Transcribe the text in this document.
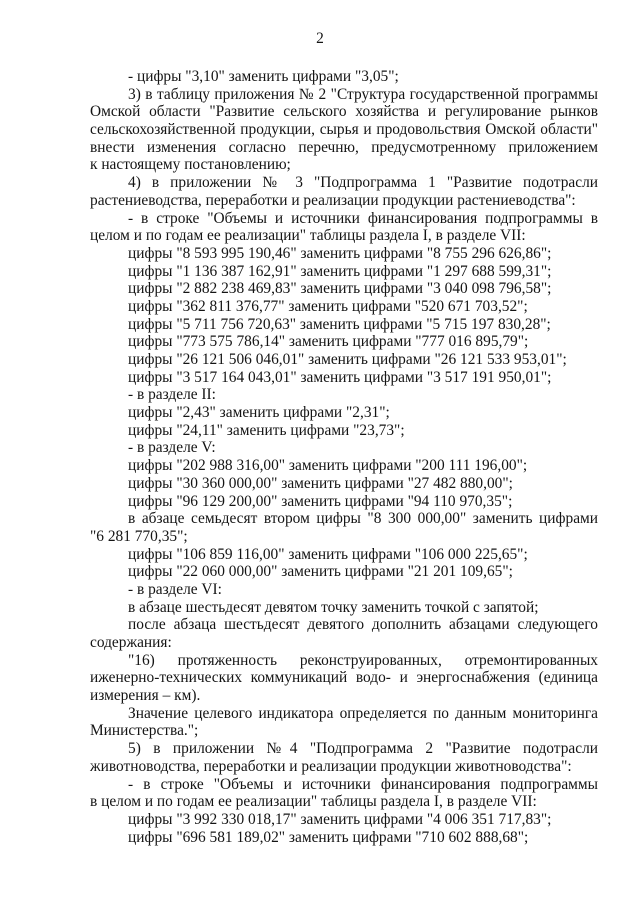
2
- цифры "3,10" заменить цифрами "3,05";
3) в таблицу приложения № 2 "Структура государственной программы
Омской области "Развитие сельского хозяйства и регулирование рынков
сельскохозяйственной продукции, сырья и продовольствия Омской области"
внести изменения согласно перечню, предусмотренному приложением
к настоящему постановлению;
4) в приложении № 3 "Подпрограмма 1 "Развитие подотрасли
растениеводства, переработки и реализации продукции растениеводства":
- в строке "Объемы и источники финансирования подпрограммы в
целом и по годам ее реализации" таблицы раздела I, в разделе VII:
цифры "8 593 995 190,46" заменить цифрами "8 755 296 626,86";
цифры "1 136 387 162,91" заменить цифрами "1 297 688 599,31";
цифры "2 882 238 469,83" заменить цифрами "3 040 098 796,58";
цифры "362 811 376,77" заменить цифрами "520 671 703,52";
цифры "5 711 756 720,63" заменить цифрами "5 715 197 830,28";
цифры "773 575 786,14" заменить цифрами "777 016 895,79";
цифры "26 121 506 046,01" заменить цифрами "26 121 533 953,01";
цифры "3 517 164 043,01" заменить цифрами "3 517 191 950,01";
- в разделе II:
цифры "2,43" заменить цифрами "2,31";
цифры "24,11" заменить цифрами "23,73";
- в разделе V:
цифры "202 988 316,00" заменить цифрами "200 111 196,00";
цифры "30 360 000,00" заменить цифрами "27 482 880,00";
цифры "96 129 200,00" заменить цифрами "94 110 970,35";
в абзаце семьдесят втором цифры "8 300 000,00" заменить цифрами
"6 281 770,35";
цифры "106 859 116,00" заменить цифрами "106 000 225,65";
цифры "22 060 000,00" заменить цифрами "21 201 109,65";
- в разделе VI:
в абзаце шестьдесят девятом точку заменить точкой с запятой;
после абзаца шестьдесят девятого дополнить абзацами следующего
содержания:
"16) протяженность реконструированных, отремонтированных
иженерно-технических коммуникаций водо- и энергоснабжения (единица
измерения – км).
Значение целевого индикатора определяется по данным мониторинга
Министерства.";
5) в приложении №4 "Подпрограмма 2 "Развитие подотрасли
животноводства, переработки и реализации продукции животноводства":
- в строке "Объемы и источники финансирования подпрограммы
в целом и по годам ее реализации" таблицы раздела I, в разделе VII:
цифры "3 992 330 018,17" заменить цифрами "4 006 351 717,83";
цифры "696 581 189,02" заменить цифрами "710 602 888,68";
